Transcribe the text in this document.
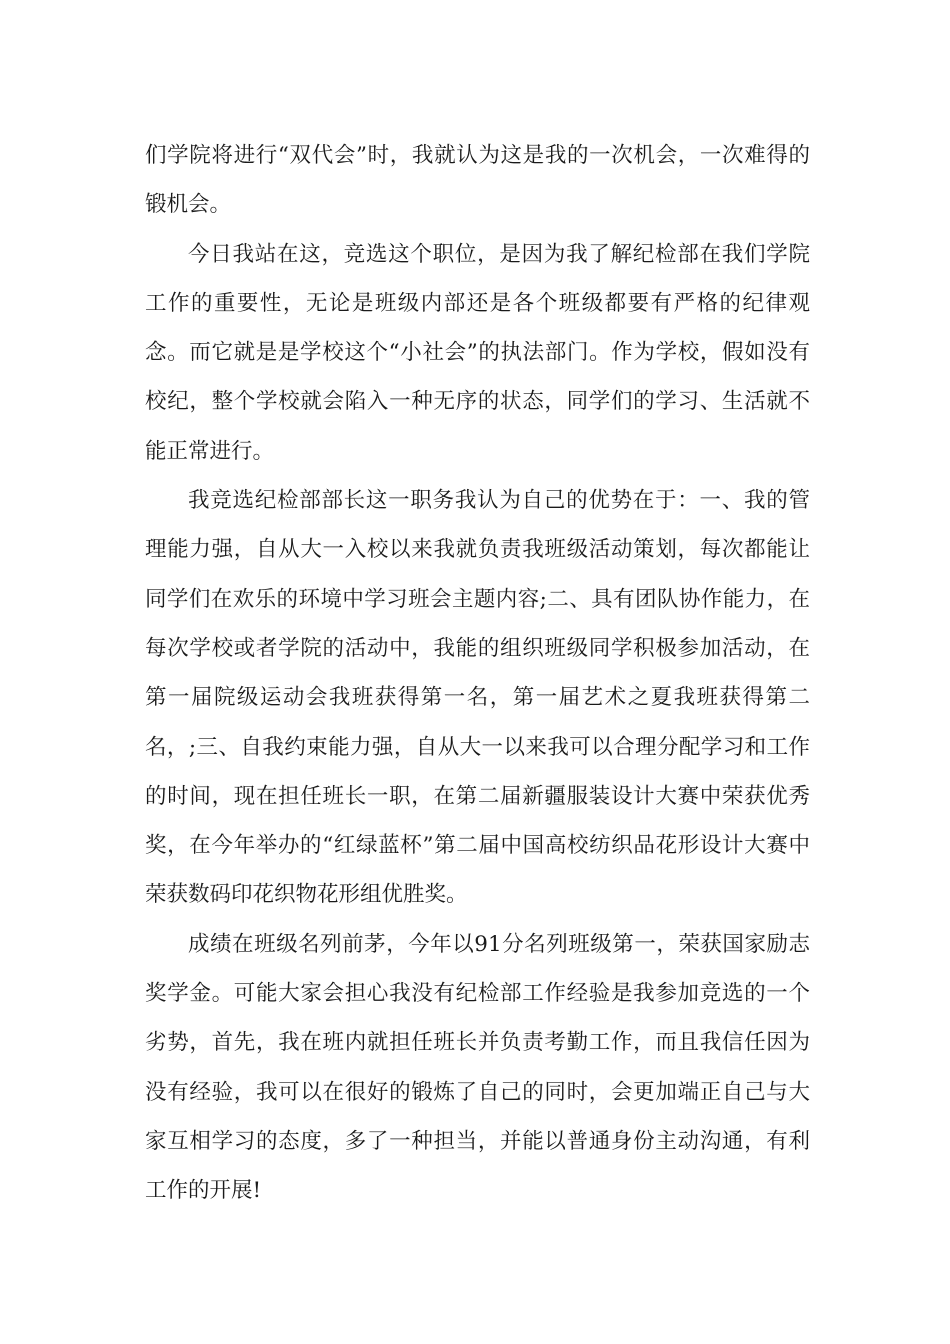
们学院将进行“双代会”时，我就认为这是我的一次机会，一次难得的锻机会。

今日我站在这，竞选这个职位，是因为我了解纪检部在我们学院工作的重要性，无论是班级内部还是各个班级都要有严格的纪律观念。而它就是是学校这个“小社会”的执法部门。作为学校，假如没有校纪，整个学校就会陷入一种无序的状态，同学们的学习、生活就不能正常进行。

我竞选纪检部部长这一职务我认为自己的优势在于：一、我的管理能力强，自从大一入校以来我就负责我班级活动策划，每次都能让同学们在欢乐的环境中学习班会主题内容;二、具有团队协作能力，在每次学校或者学院的活动中，我能的组织班级同学积极参加活动，在第一届院级运动会我班获得第一名，第一届艺术之夏我班获得第二名，;三、自我约束能力强，自从大一以来我可以合理分配学习和工作的时间，现在担任班长一职，在第二届新疆服装设计大赛中荣获优秀奖，在今年举办的“红绿蓝杯”第二届中国高校纺织品花形设计大赛中荣获数码印花织物花形组优胜奖。

成绩在班级名列前茅，今年以91分名列班级第一，荣获国家励志奖学金。可能大家会担心我没有纪检部工作经验是我参加竞选的一个劣势，首先，我在班内就担任班长并负责考勤工作，而且我信任因为没有经验，我可以在很好的锻炼了自己的同时，会更加端正自己与大家互相学习的态度，多了一种担当，并能以普通身份主动沟通，有利工作的开展!
